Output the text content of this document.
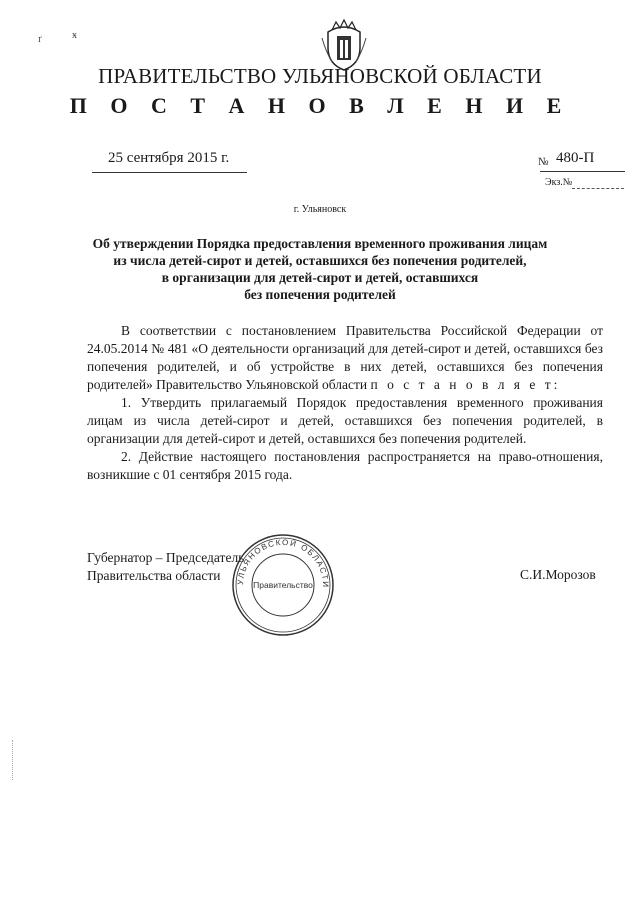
ґ	ӿ
ПРАВИТЕЛЬСТВО УЛЬЯНОВСКОЙ ОБЛАСТИ
П О С Т А Н О В Л Е Н И Е
25 сентября 2015 г.	№ 480-П
Экз.№
г. Ульяновск
Об утверждении Порядка предоставления временного проживания лицам
из числа детей-сирот и детей, оставшихся без попечения родителей,
в организации для детей-сирот и детей, оставшихся
без попечения родителей

В соответствии с постановлением Правительства Российской Федерации от 24.05.2014 № 481 «О деятельности организаций для детей-сирот и детей, оставшихся без попечения родителей, и об устройстве в них детей, оставшихся без попечения родителей» Правительство Ульяновской области п о с т а н о в л я е т:

1. Утвердить прилагаемый Порядок предоставления временного проживания лицам из числа детей-сирот и детей, оставшихся без попечения родителей, в организации для детей-сирот и детей, оставшихся без попечения родителей.

2. Действие настоящего постановления распространяется на право-отношения, возникшие с 01 сентября 2015 года.

Губернатор – Председатель
Правительства области	С.И.Морозов
УЛЬЯНОВСКОЙ ОБЛАСТИ
Правительство
